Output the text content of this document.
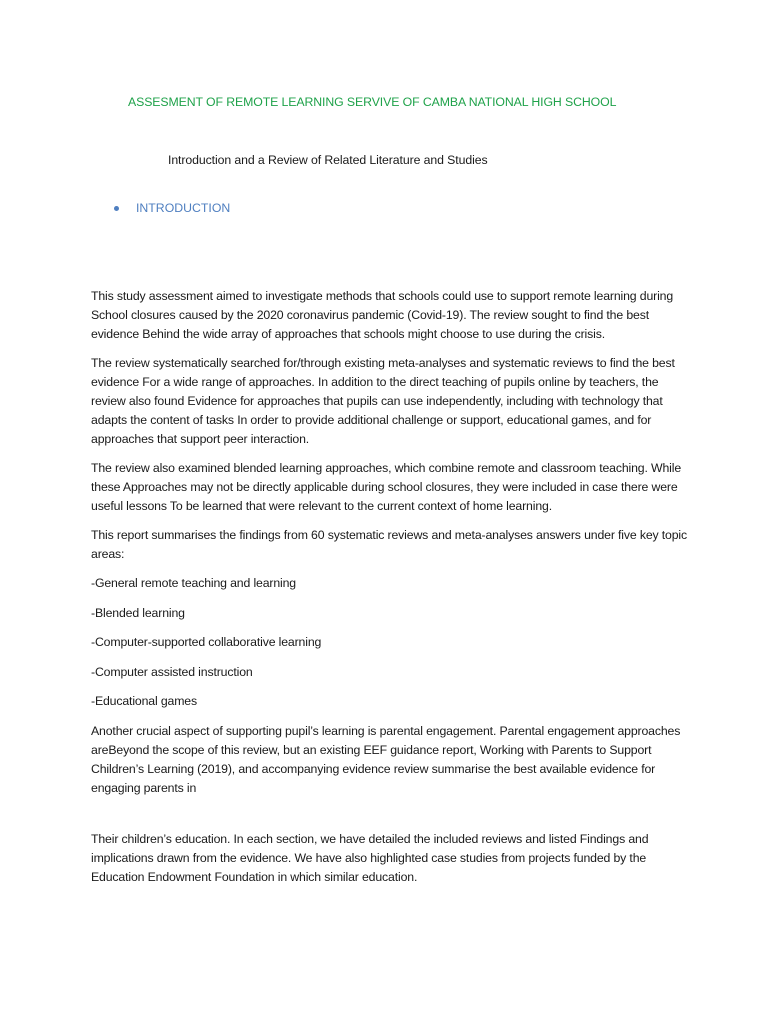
ASSESMENT OF REMOTE LEARNING SERVIVE OF CAMBA NATIONAL HIGH SCHOOL
Introduction and a Review of Related Literature and Studies
INTRODUCTION

This study assessment aimed to investigate methods that schools could use to support remote learning during School closures caused by the 2020 coronavirus pandemic (Covid-19). The review sought to find the best evidence Behind the wide array of approaches that schools might choose to use during the crisis.

The review systematically searched for/through existing meta-analyses and systematic reviews to find the best evidence For a wide range of approaches. In addition to the direct teaching of pupils online by teachers, the review also found Evidence for approaches that pupils can use independently, including with technology that adapts the content of tasks In order to provide additional challenge or support, educational games, and for approaches that support peer interaction.

The review also examined blended learning approaches, which combine remote and classroom teaching. While these Approaches may not be directly applicable during school closures, they were included in case there were useful lessons To be learned that were relevant to the current context of home learning.

This report summarises the findings from 60 systematic reviews and meta-analyses answers under five key topic areas:

-General remote teaching and learning

-Blended learning

-Computer-supported collaborative learning

-Computer assisted instruction

-Educational games

Another crucial aspect of supporting pupil’s learning is parental engagement. Parental engagement approaches areBeyond the scope of this review, but an existing EEF guidance report, Working with Parents to Support Children’s Learning (2019), and accompanying evidence review summarise the best available evidence for engaging parents in

Their children’s education. In each section, we have detailed the included reviews and listed Findings and implications drawn from the evidence. We have also highlighted case studies from projects funded by the Education Endowment Foundation in which similar education.
